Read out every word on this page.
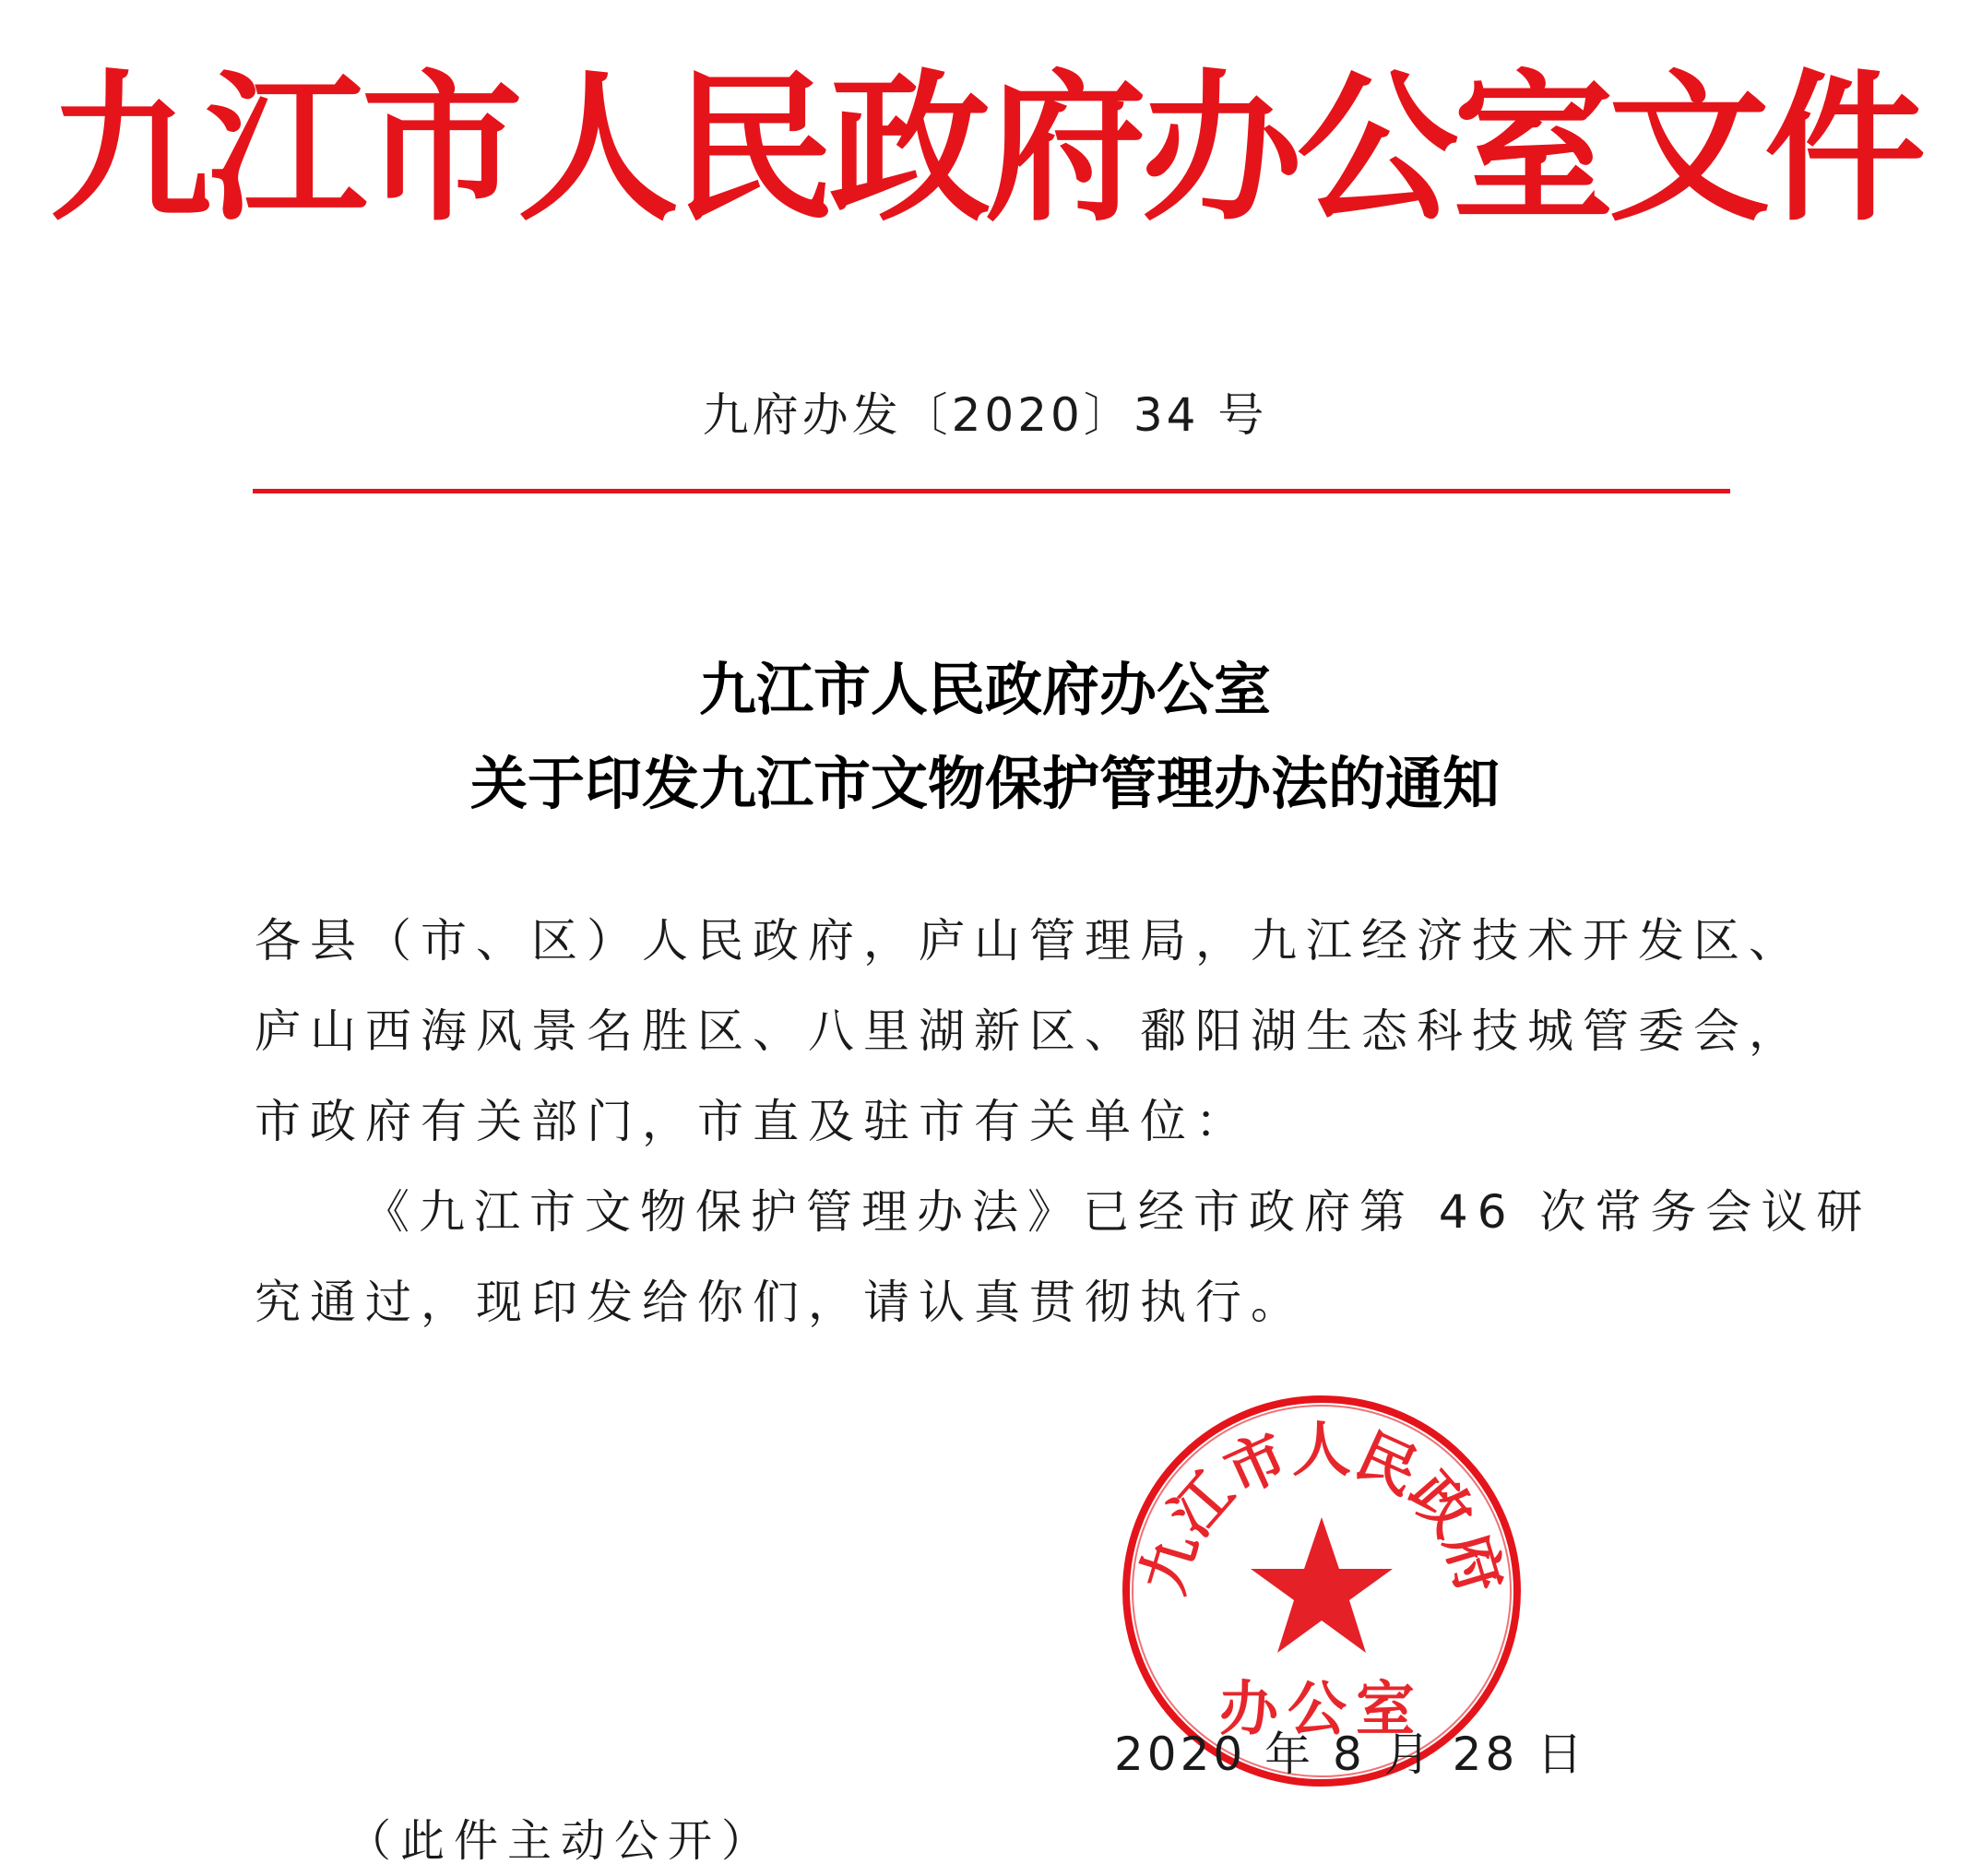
九江市人民政府办公室文件
九府办发〔2020〕34 号
九江市人民政府办公室
关于印发九江市文物保护管理办法的通知
各县（市、区）人民政府，庐山管理局，九江经济技术开发区、
庐山西海风景名胜区、八里湖新区、鄱阳湖生态科技城管委会，
市政府有关部门，市直及驻市有关单位：
《九江市文物保护管理办法》已经市政府第 46 次常务会议研
究通过，现印发给你们，请认真贯彻执行。
九江市人民政府
办公室
2020 年 8 月 28 日
（此件主动公开）
